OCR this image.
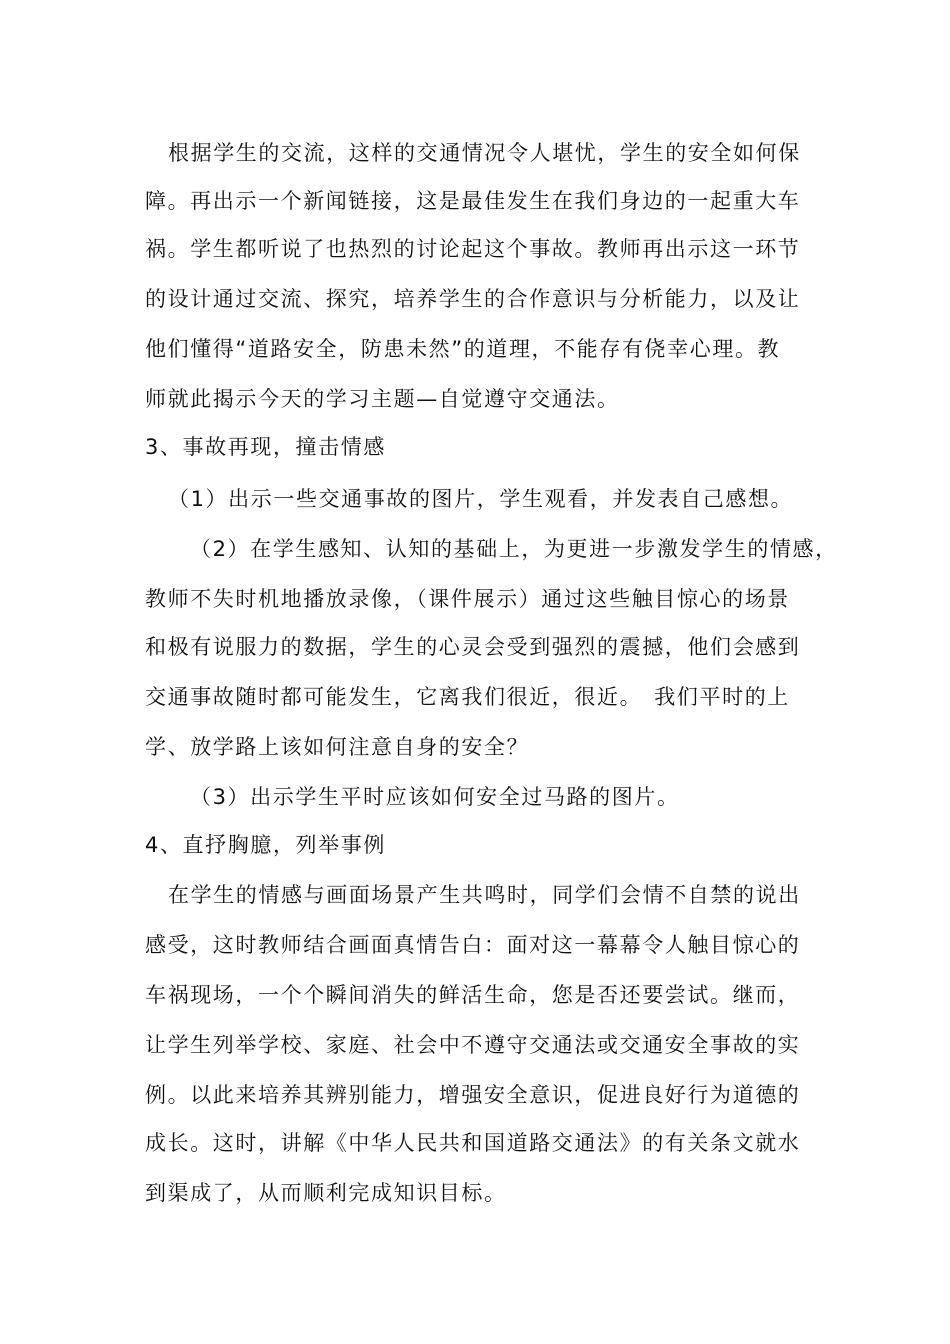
根据学生的交流，这样的交通情况令人堪忧，学生的安全如何保
障。再出示一个新闻链接，这是最佳发生在我们身边的一起重大车
祸。学生都听说了也热烈的讨论起这个事故。教师再出示这一环节
的设计通过交流、探究，培养学生的合作意识与分析能力，以及让
他们懂得“道路安全，防患未然”的道理，不能存有侥幸心理。教
师就此揭示今天的学习主题—自觉遵守交通法。
3、事故再现，撞击情感
（1）出示一些交通事故的图片，学生观看，并发表自己感想。
（2）在学生感知、认知的基础上，为更进一步激发学生的情感，
教师不失时机地播放录像，（课件展示）通过这些触目惊心的场景
和极有说服力的数据，学生的心灵会受到强烈的震撼，他们会感到
交通事故随时都可能发生，它离我们很近，很近。　我们平时的上
学、放学路上该如何注意自身的安全？
（3）出示学生平时应该如何安全过马路的图片。
4、直抒胸臆，列举事例
在学生的情感与画面场景产生共鸣时，同学们会情不自禁的说出
感受，这时教师结合画面真情告白：面对这一幕幕令人触目惊心的
车祸现场，一个个瞬间消失的鲜活生命，您是否还要尝试。继而，
让学生列举学校、家庭、社会中不遵守交通法或交通安全事故的实
例。以此来培养其辨别能力，增强安全意识，促进良好行为道德的
成长。这时，讲解《中华人民共和国道路交通法》的有关条文就水
到渠成了，从而顺利完成知识目标。
